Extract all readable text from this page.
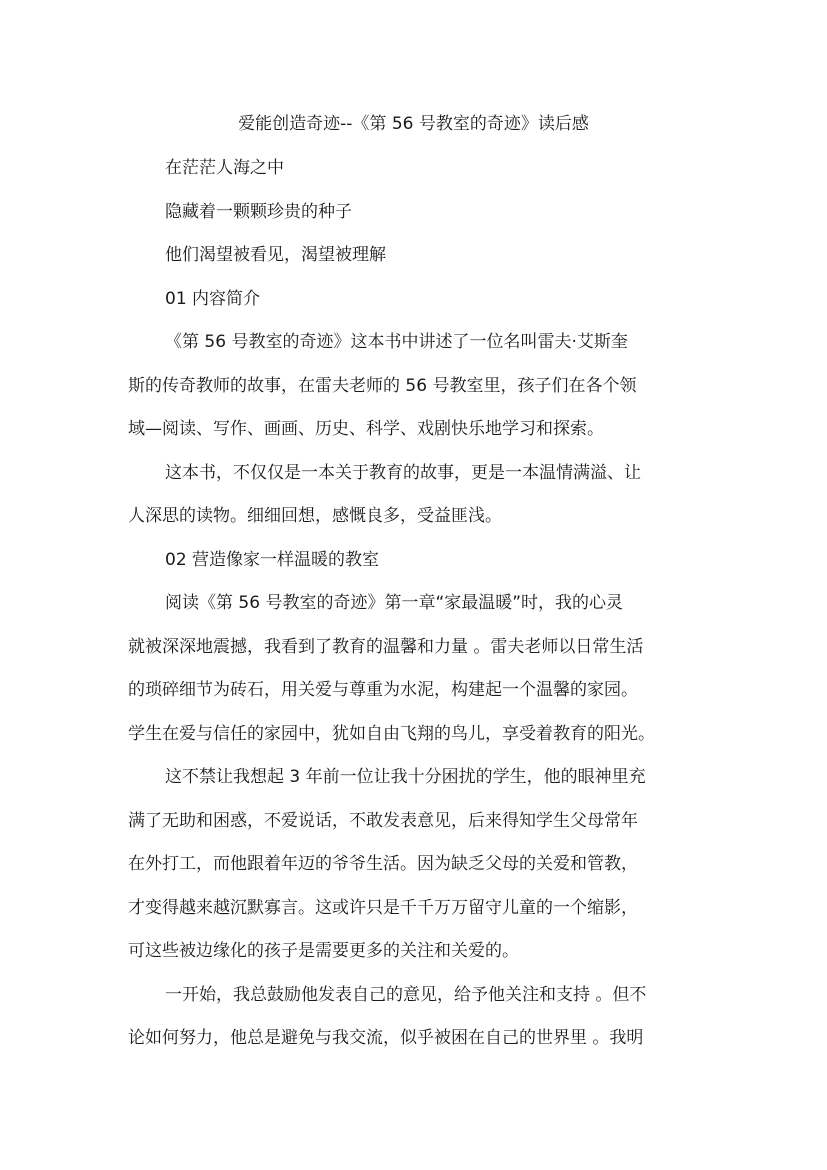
爱能创造奇迹--《第 56 号教室的奇迹》读后感
在茫茫人海之中
隐藏着一颗颗珍贵的种子
他们渴望被看见，渴望被理解
01 内容简介
《第 56 号教室的奇迹》这本书中讲述了一位名叫雷夫·艾斯奎
斯的传奇教师的故事，在雷夫老师的 56 号教室里，孩子们在各个领
域—阅读、写作、画画、历史、科学、戏剧快乐地学习和探索。
这本书，不仅仅是一本关于教育的故事，更是一本温情满溢、让
人深思的读物。细细回想，感慨良多，受益匪浅。
02 营造像家一样温暖的教室
阅读《第 56 号教室的奇迹》第一章“家最温暖”时，我的心灵
就被深深地震撼，我看到了教育的温馨和力量 。雷夫老师以日常生活
的琐碎细节为砖石，用关爱与尊重为水泥，构建起一个温馨的家园。
学生在爱与信任的家园中，犹如自由飞翔的鸟儿，享受着教育的阳光。
这不禁让我想起 3 年前一位让我十分困扰的学生，他的眼神里充
满了无助和困惑，不爱说话，不敢发表意见，后来得知学生父母常年
在外打工，而他跟着年迈的爷爷生活。因为缺乏父母的关爱和管教，
才变得越来越沉默寡言。这或许只是千千万万留守儿童的一个缩影，
可这些被边缘化的孩子是需要更多的关注和关爱的。
一开始，我总鼓励他发表自己的意见，给予他关注和支持 。但不
论如何努力，他总是避免与我交流，似乎被困在自己的世界里 。我明
